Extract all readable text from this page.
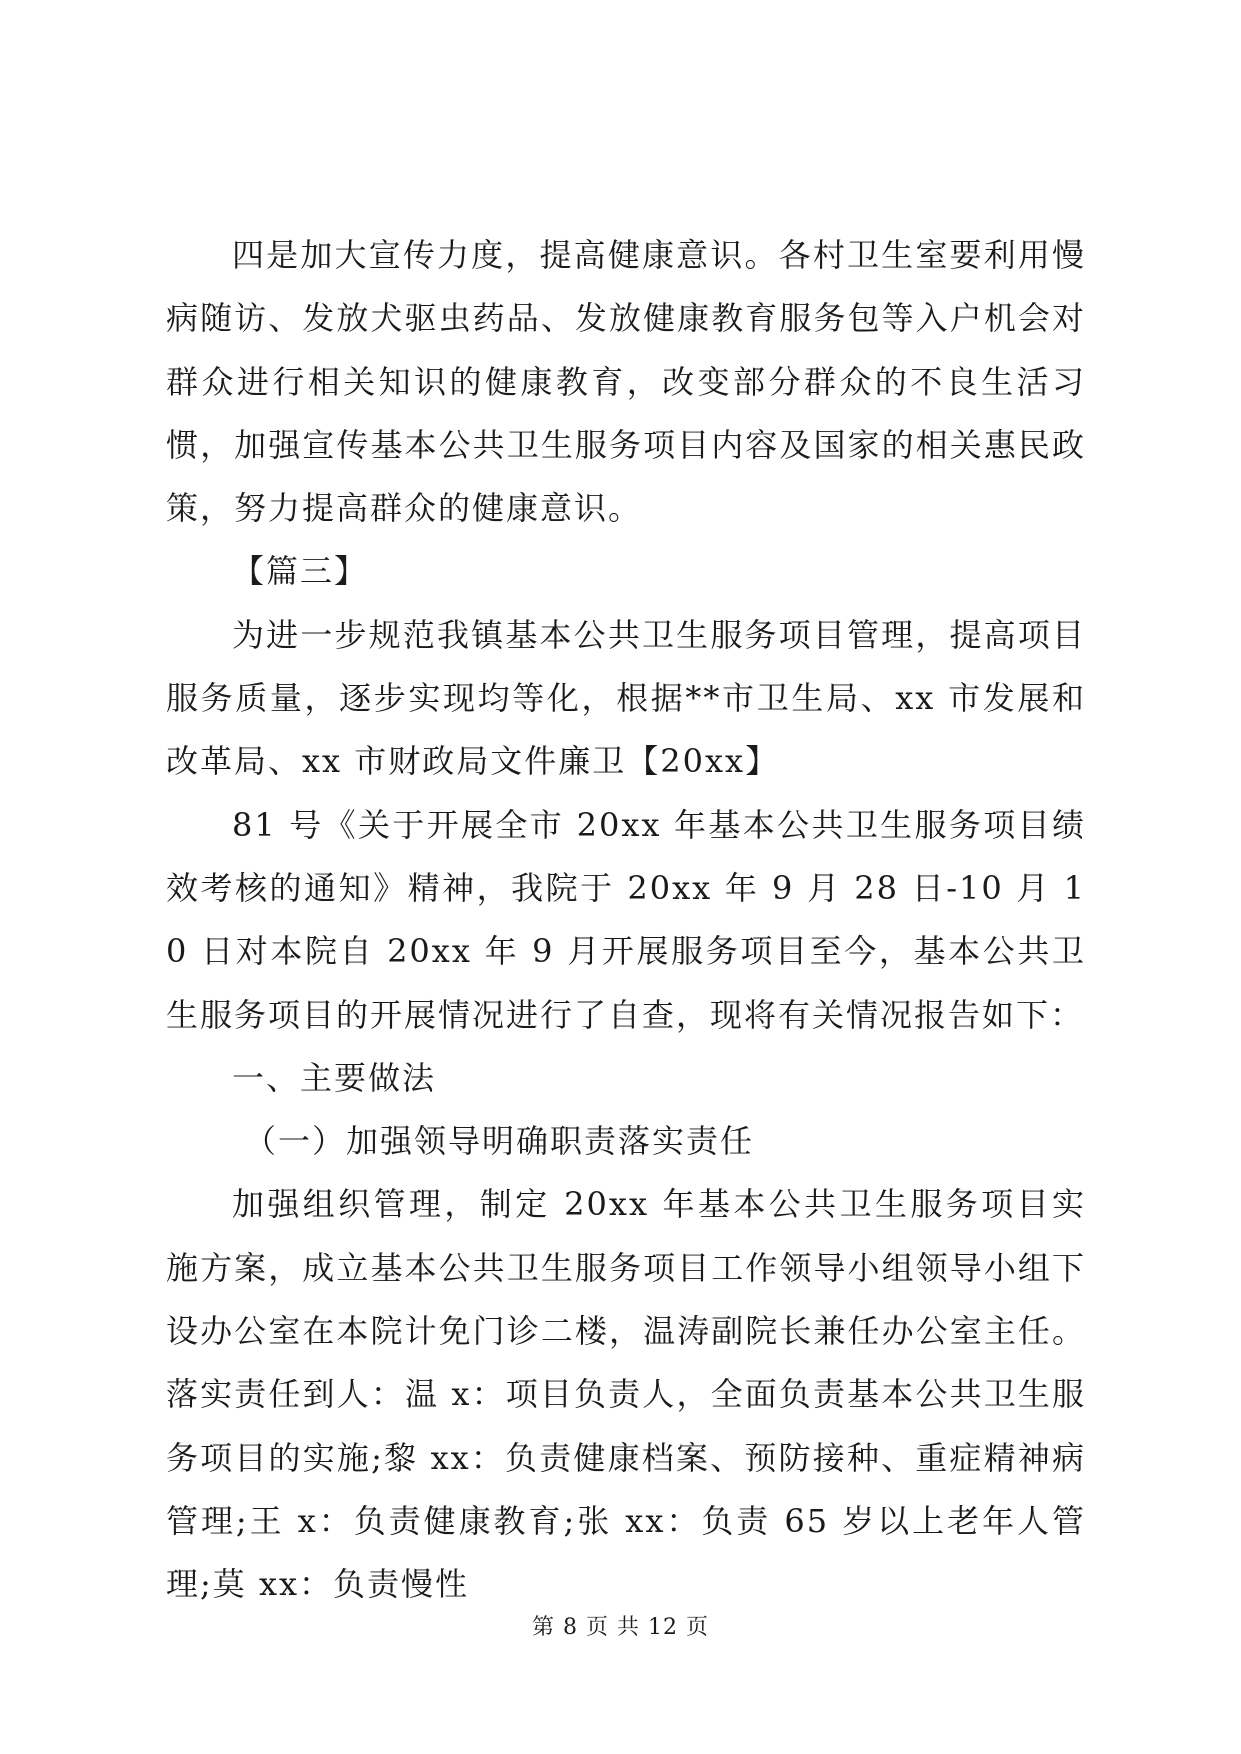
四是加大宣传力度，提高健康意识。各村卫生室要利用慢病随访、发放犬驱虫药品、发放健康教育服务包等入户机会对群众进行相关知识的健康教育，改变部分群众的不良生活习惯，加强宣传基本公共卫生服务项目内容及国家的相关惠民政策，努力提高群众的健康意识。

【篇三】

为进一步规范我镇基本公共卫生服务项目管理，提高项目服务质量，逐步实现均等化，根据**市卫生局、xx 市发展和改革局、xx 市财政局文件廉卫【20xx】

81 号《关于开展全市 20xx 年基本公共卫生服务项目绩效考核的通知》精神，我院于 20xx 年 9 月 28 日-10 月 10 日对本院自 20xx 年 9 月开展服务项目至今，基本公共卫生服务项目的开展情况进行了自查，现将有关情况报告如下：

一、主要做法

（一）加强领导明确职责落实责任

加强组织管理，制定 20xx 年基本公共卫生服务项目实施方案，成立基本公共卫生服务项目工作领导小组领导小组下设办公室在本院计免门诊二楼，温涛副院长兼任办公室主任。落实责任到人：温 x：项目负责人，全面负责基本公共卫生服务项目的实施;黎 xx：负责健康档案、预防接种、重症精神病管理;王 x：负责健康教育;张 xx：负责 65 岁以上老年人管理;莫 xx：负责慢性

第 8 页 共 12 页
